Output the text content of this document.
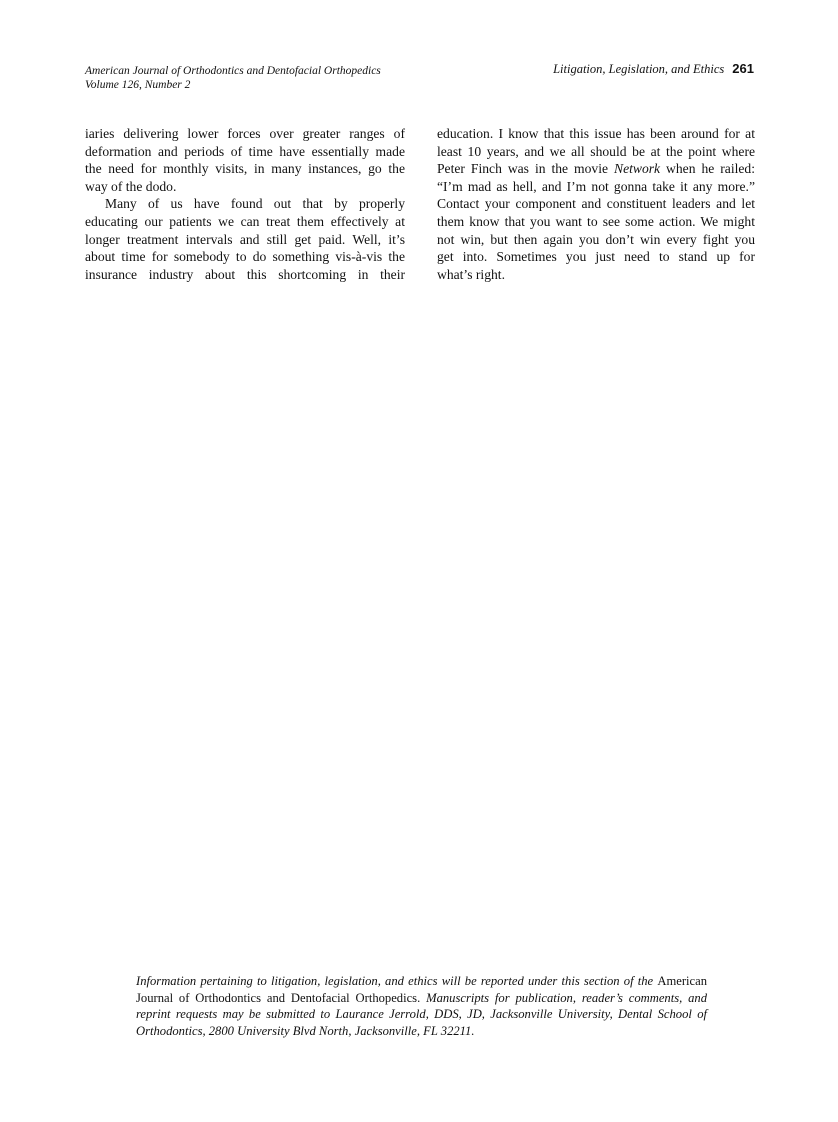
American Journal of Orthodontics and Dentofacial Orthopedics
Volume 126, Number 2
Litigation, Legislation, and Ethics 261
iaries delivering lower forces over greater ranges of
deformation and periods of time have essentially made
the need for monthly visits, in many instances, go the
way of the dodo.
Many of us have found out that by properly
educating our patients we can treat them effectively at
longer treatment intervals and still get paid. Well, it’s
about time for somebody to do something vis-à-vis the
insurance industry about this shortcoming in their
education. I know that this issue has been around for at
least 10 years, and we all should be at the point where
Peter Finch was in the movie Network when he railed:
“I’m mad as hell, and I’m not gonna take it any more.”
Contact your component and constituent leaders and let
them know that you want to see some action. We might
not win, but then again you don’t win every fight you
get into. Sometimes you just need to stand up for
what’s right.
Information pertaining to litigation, legislation, and ethics will be reported under this section of the American
Journal of Orthodontics and Dentofacial Orthopedics. Manuscripts for publication, reader’s comments, and
reprint requests may be submitted to Laurance Jerrold, DDS, JD, Jacksonville University, Dental School of
Orthodontics, 2800 University Blvd North, Jacksonville, FL 32211.
